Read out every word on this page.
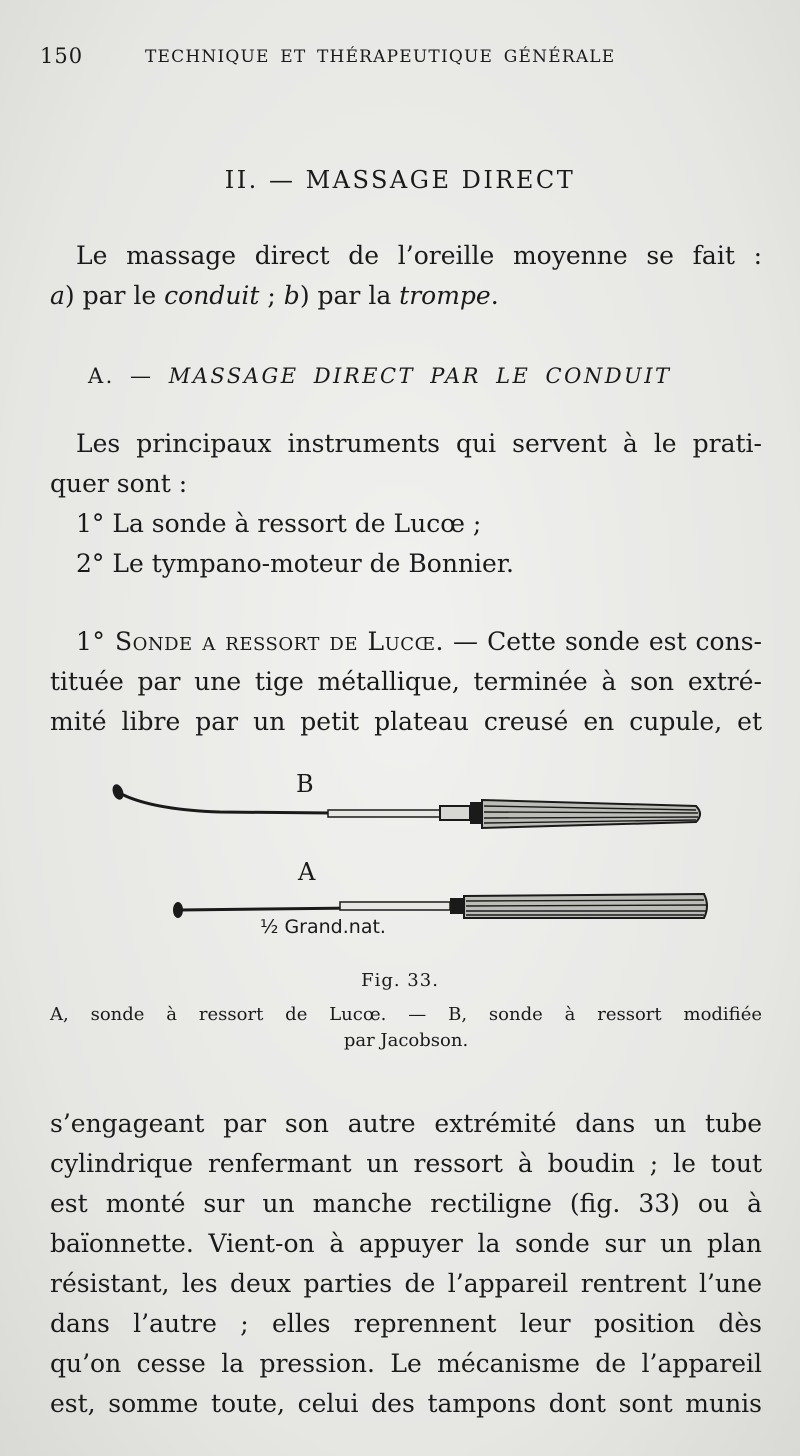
150	TECHNIQUE ET THÉRAPEUTIQUE GÉNÉRALE
II. — MASSAGE DIRECT

Le massage direct de l’oreille moyenne se fait :
a) par le conduit ; b) par la trompe.

A. — MASSAGE DIRECT PAR LE CONDUIT

Les principaux instruments qui servent à le prati-
quer sont :
1° La sonde à ressort de Lucœ ;
2° Le tympano-moteur de Bonnier.

1° Sonde a ressort de Lucœ. — Cette sonde est cons-
tituée par une tige métallique, terminée à son extré-
mité libre par un petit plateau creusé en cupule, et

B
A
½ Grand.nat.
Fig. 33.
A, sonde à ressort de Lucœ. — B, sonde à ressort modifiée
par Jacobson.

s’engageant par son autre extrémité dans un tube
cylindrique renfermant un ressort à boudin ; le tout
est monté sur un manche rectiligne (fig. 33) ou à
baïonnette. Vient-on à appuyer la sonde sur un plan
résistant, les deux parties de l’appareil rentrent l’une
dans l’autre ; elles reprennent leur position dès
qu’on cesse la pression. Le mécanisme de l’appareil
est, somme toute, celui des tampons dont sont munis
